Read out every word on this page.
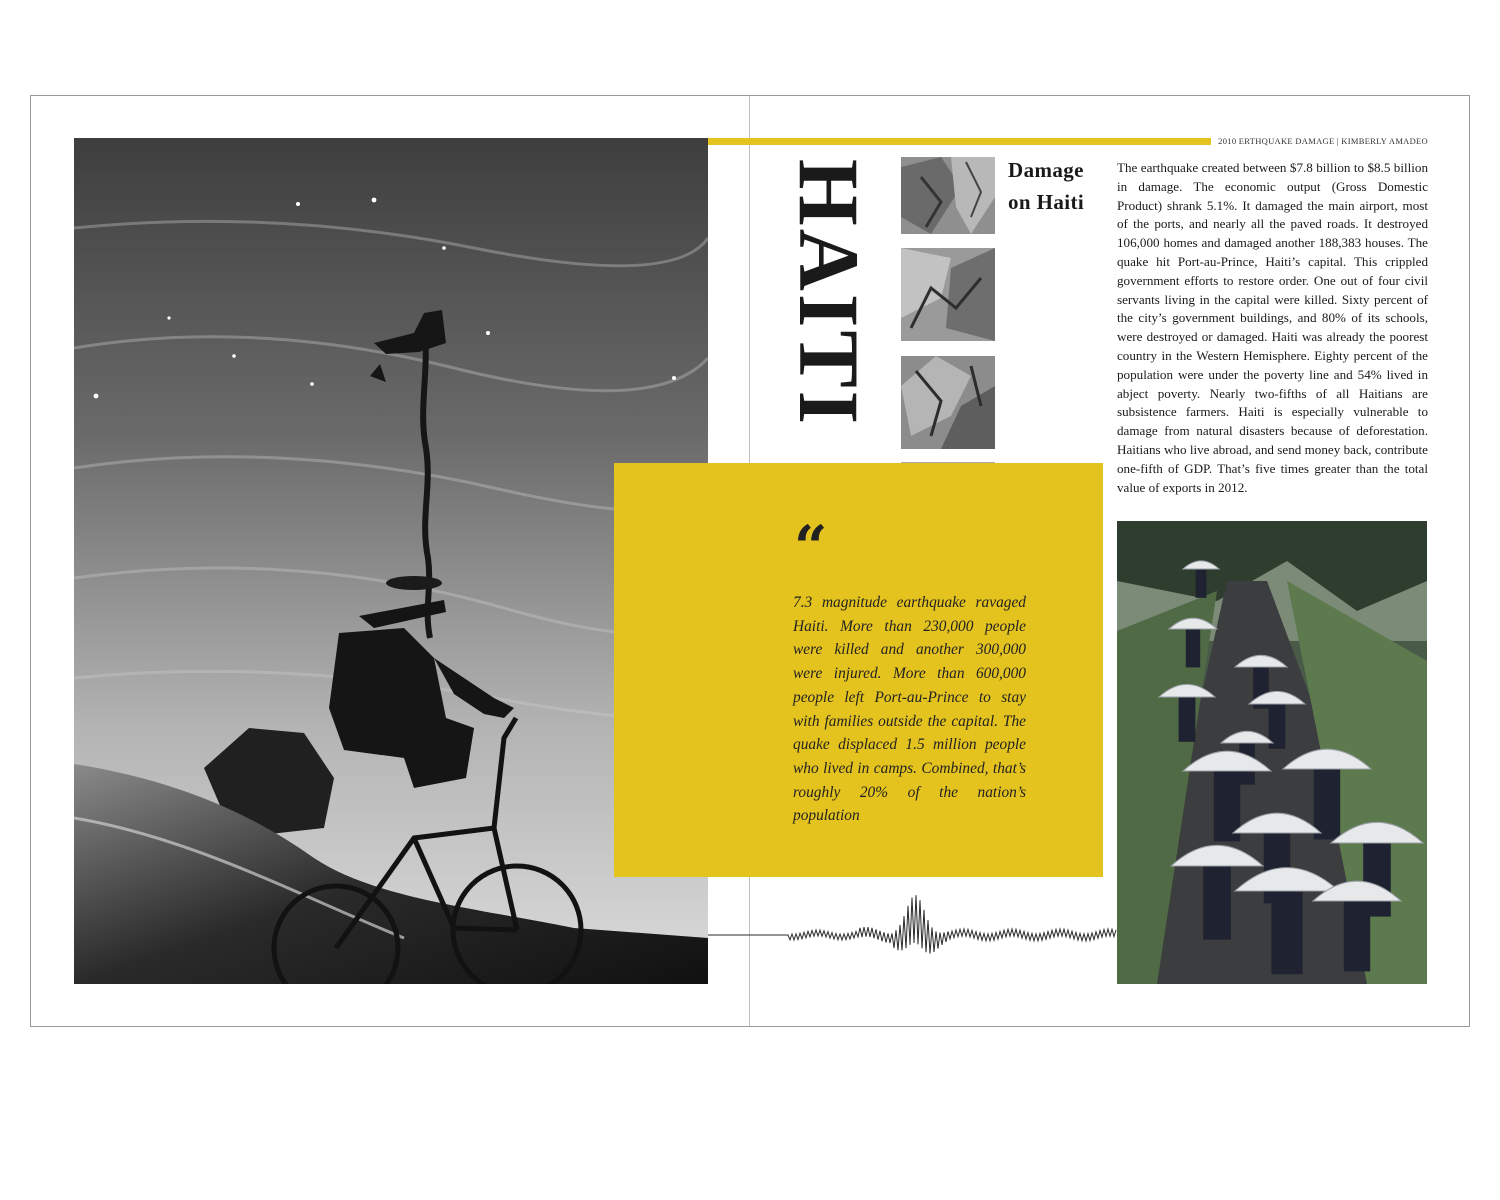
2010 ERTHQUAKE DAMAGE | KIMBERLY AMADEO
HAITI	Damage
on Haiti
The earthquake created between $7.8 billion to $8.5 billion in damage. The economic output (Gross Domestic Product) shrank 5.1%. It damaged the main airport, most of the ports, and nearly all the paved roads. It destroyed 106,000 homes and damaged another 188,383 houses. The quake hit Port-au-Prince, Haiti’s capital. This crippled government efforts to restore order. One out of four civil servants living in the capital were killed. Sixty percent of the city’s government buildings, and 80% of its schools, were destroyed or damaged. Haiti was already the poorest country in the Western Hemisphere. Eighty percent of the population were under the poverty line and 54% lived in abject poverty. Nearly two-fifths of all Haitians are subsistence farmers. Haiti is especially vulnerable to damage from natural disasters because of deforestation. Haitians who live abroad, and send money back, contribute one-fifth of GDP. That’s five times greater than the total value of exports in 2012.
“
7.3 magnitude earthquake ravaged Haiti. More than 230,000 people were killed and another 300,000 were injured. More than 600,000 people left Port-au-Prince to stay with families outside the capital. The quake displaced 1.5 million people who lived in camps. Combined, that’s roughly 20% of the nation’s population
